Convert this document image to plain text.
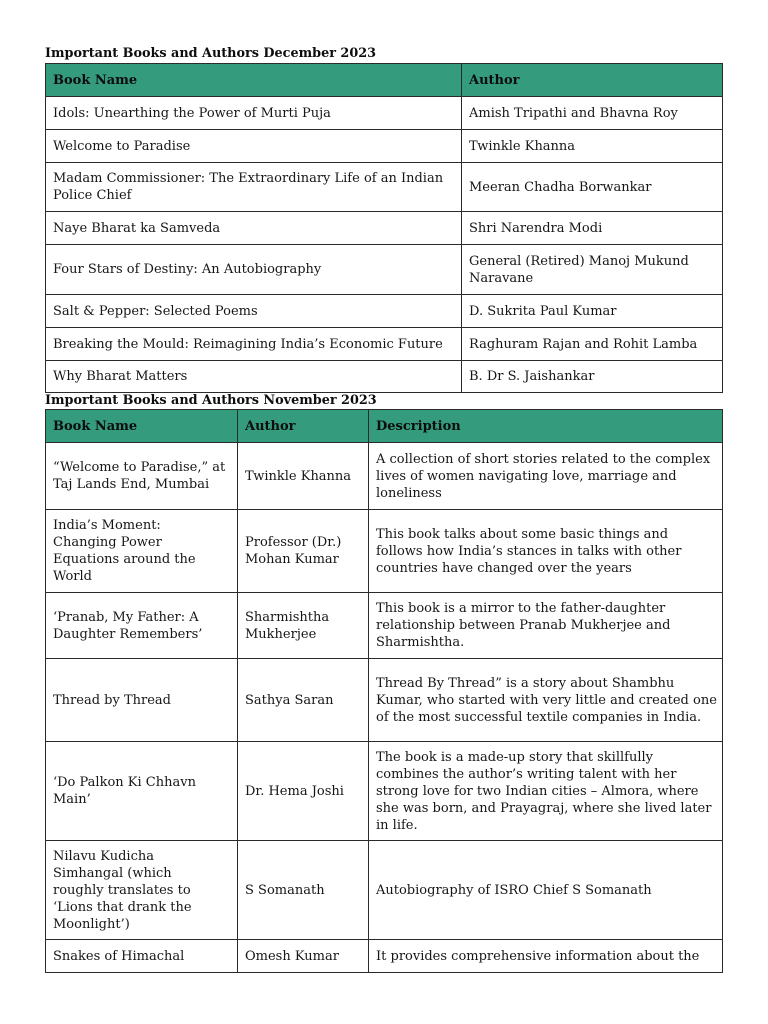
Important Books and Authors December 2023
Book Name	Author
Idols: Unearthing the Power of Murti Puja	Amish Tripathi and Bhavna Roy
Welcome to Paradise	Twinkle Khanna
Madam Commissioner: The Extraordinary Life of an Indian Police Chief	Meeran Chadha Borwankar
Naye Bharat ka Samveda	Shri Narendra Modi
Four Stars of Destiny: An Autobiography	General (Retired) Manoj Mukund Naravane
Salt & Pepper: Selected Poems	D. Sukrita Paul Kumar
Breaking the Mould: Reimagining India’s Economic Future	Raghuram Rajan and Rohit Lamba
Why Bharat Matters	B. Dr S. Jaishankar
Important Books and Authors November 2023
Book Name	Author	Description
“Welcome to Paradise,” at Taj Lands End, Mumbai	Twinkle Khanna	A collection of short stories related to the complex lives of women navigating love, marriage and loneliness
India’s Moment: Changing Power Equations around the World	Professor (Dr.) Mohan Kumar	This book talks about some basic things and follows how India’s stances in talks with other countries have changed over the years
‘Pranab, My Father: A Daughter Remembers’	Sharmishtha Mukherjee	This book is a mirror to the father-daughter relationship between Pranab Mukherjee and Sharmishtha.
Thread by Thread	Sathya Saran	Thread By Thread” is a story about Shambhu Kumar, who started with very little and created one of the most successful textile companies in India.
‘Do Palkon Ki Chhavn Main’	Dr. Hema Joshi	The book is a made-up story that skillfully combines the author’s writing talent with her strong love for two Indian cities – Almora, where she was born, and Prayagraj, where she lived later in life.
Nilavu Kudicha Simhangal (which roughly translates to ‘Lions that drank the Moonlight’)	S Somanath	Autobiography of ISRO Chief S Somanath
Snakes of Himachal	Omesh Kumar	It provides comprehensive information about the
